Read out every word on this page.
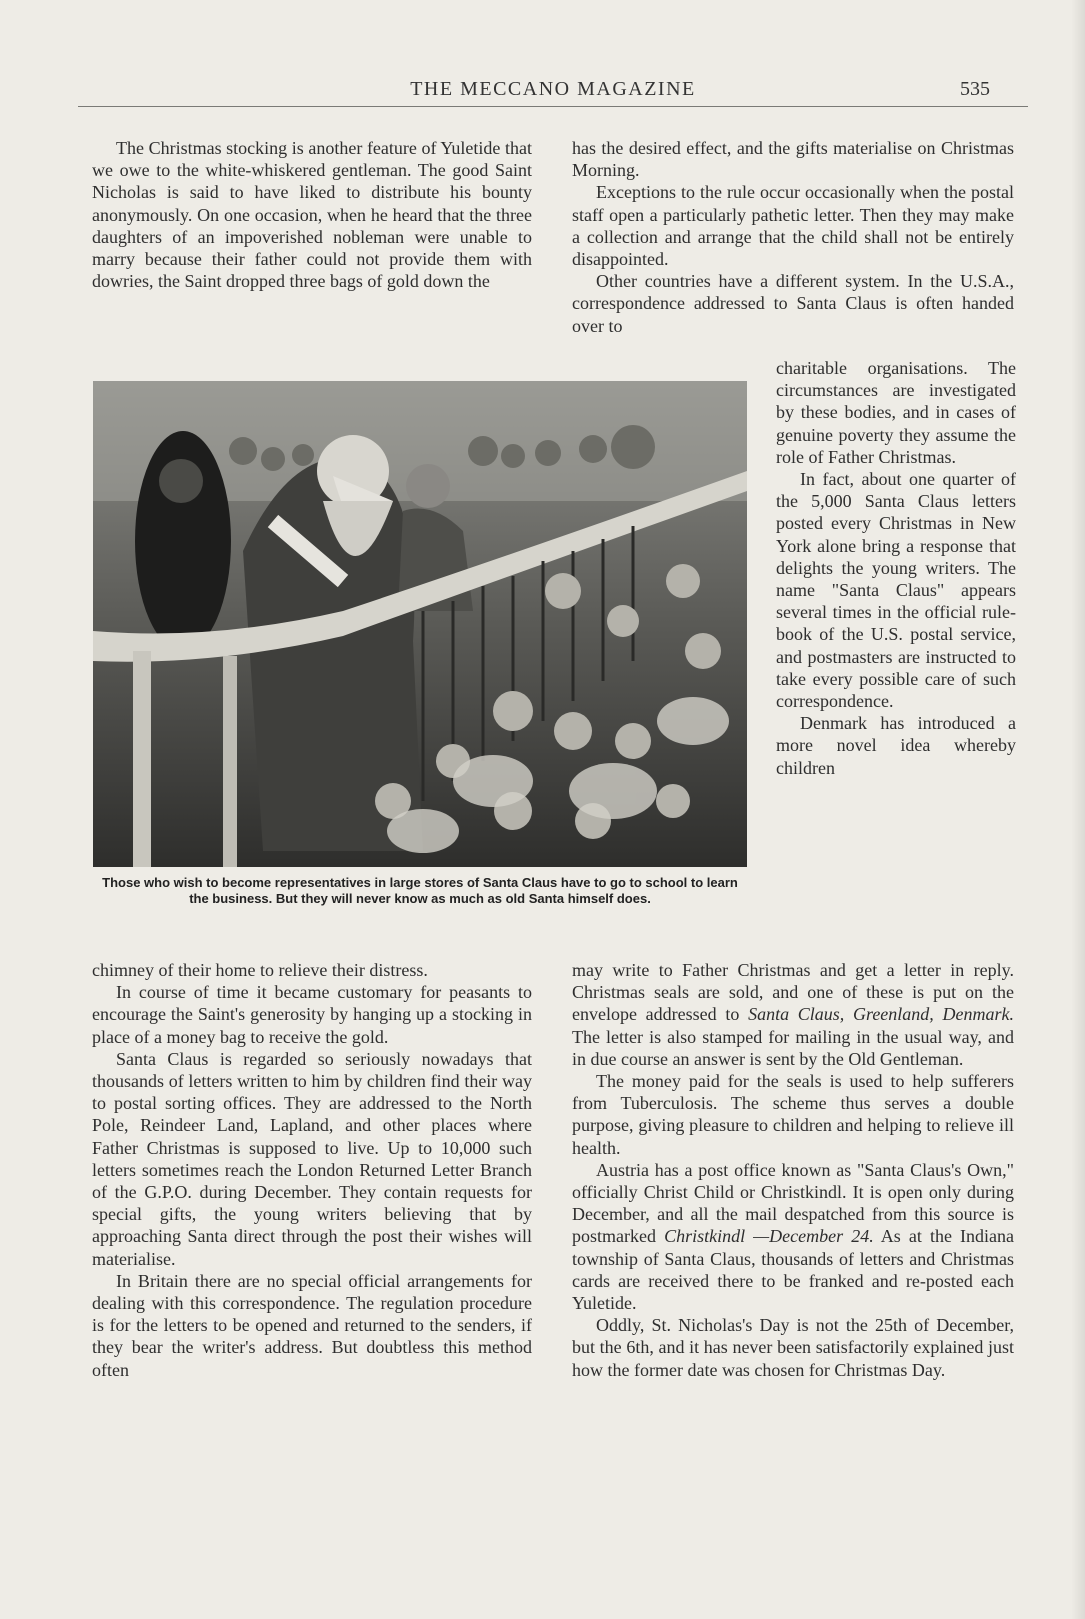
THE MECCANO MAGAZINE	535

The Christmas stocking is another feature of Yuletide that we owe to the white-whiskered gentleman. The good Saint Nicholas is said to have liked to distribute his bounty anonymously. On one occasion, when he heard that the three daughters of an impoverished nobleman were unable to marry because their father could not provide them with dowries, the Saint dropped three bags of gold down the

has the desired effect, and the gifts materialise on Christmas Morning.

Exceptions to the rule occur occasionally when the postal staff open a particularly pathetic letter. Then they may make a collection and arrange that the child shall not be entirely disappointed.

Other countries have a different system. In the U.S.A., correspondence addressed to Santa Claus is often handed over to

Those who wish to become representatives in large stores of Santa Claus have to go to school to learn the business. But they will never know as much as old Santa himself does.

charitable organisations. The circumstances are investigated by these bodies, and in cases of genuine poverty they assume the role of Father Christmas.

In fact, about one quarter of the 5,000 Santa Claus letters posted every Christmas in New York alone bring a response that delights the young writers. The name "Santa Claus" appears several times in the official rule-book of the U.S. postal service, and postmasters are instructed to take every possible care of such correspondence.

Denmark has introduced a more novel idea whereby children

chimney of their home to relieve their distress.

In course of time it became customary for peasants to encourage the Saint's generosity by hanging up a stocking in place of a money bag to receive the gold.

Santa Claus is regarded so seriously nowadays that thousands of letters written to him by children find their way to postal sorting offices. They are addressed to the North Pole, Reindeer Land, Lapland, and other places where Father Christmas is supposed to live. Up to 10,000 such letters sometimes reach the London Returned Letter Branch of the G.P.O. during December. They contain requests for special gifts, the young writers believing that by approaching Santa direct through the post their wishes will materialise.

In Britain there are no special official arrangements for dealing with this correspondence. The regulation procedure is for the letters to be opened and returned to the senders, if they bear the writer's address. But doubtless this method often

may write to Father Christmas and get a letter in reply. Christmas seals are sold, and one of these is put on the envelope addressed to Santa Claus, Greenland, Denmark. The letter is also stamped for mailing in the usual way, and in due course an answer is sent by the Old Gentleman.

The money paid for the seals is used to help sufferers from Tuberculosis. The scheme thus serves a double purpose, giving pleasure to children and helping to relieve ill health.

Austria has a post office known as "Santa Claus's Own," officially Christ Child or Christkindl. It is open only during December, and all the mail despatched from this source is postmarked Christkindl —December 24. As at the Indiana township of Santa Claus, thousands of letters and Christmas cards are received there to be franked and re-posted each Yuletide.

Oddly, St. Nicholas's Day is not the 25th of December, but the 6th, and it has never been satisfactorily explained just how the former date was chosen for Christmas Day.
